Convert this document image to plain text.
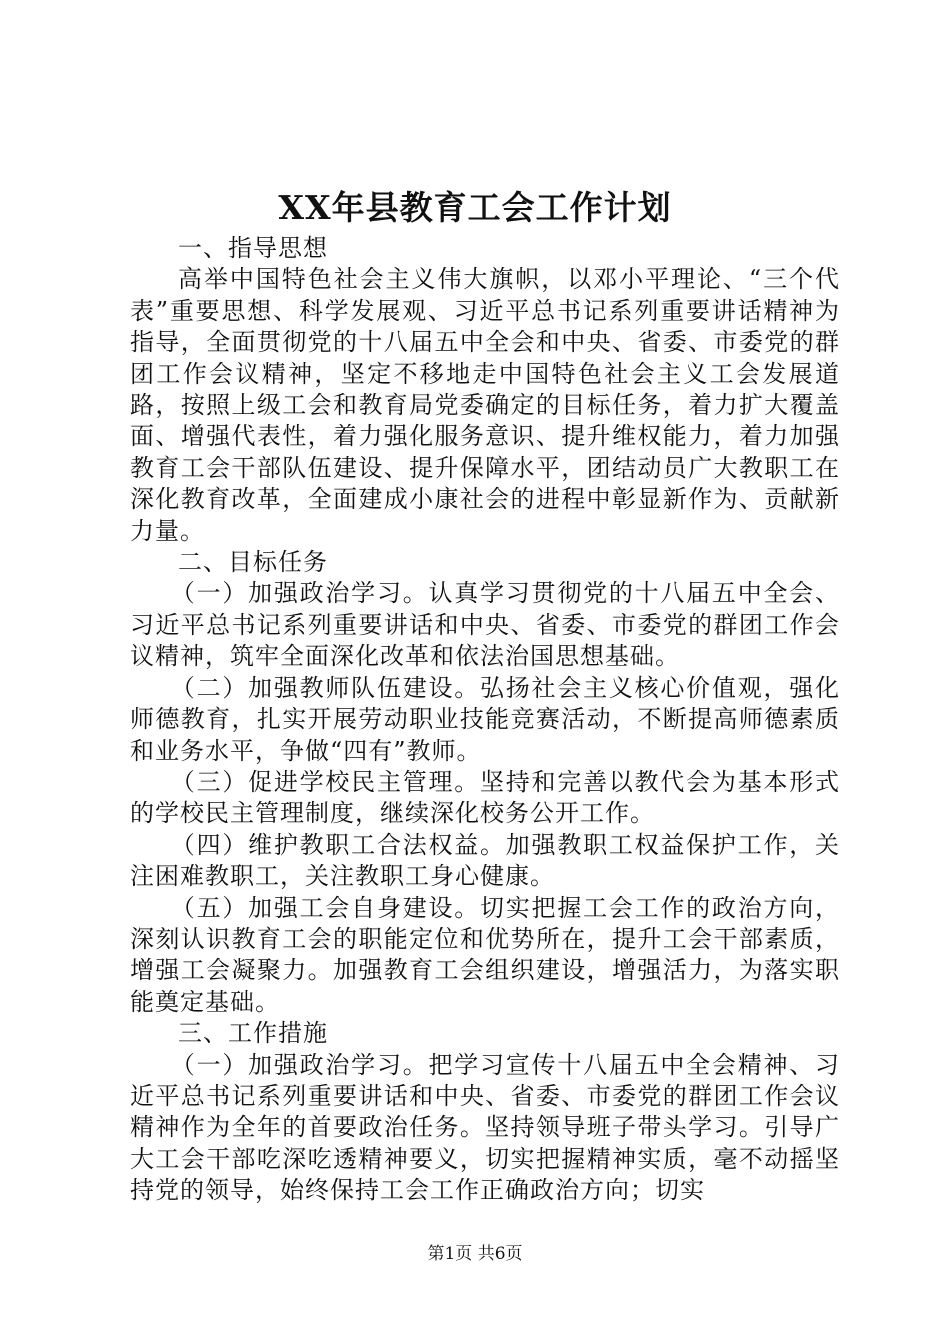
XX年县教育工会工作计划

一、指导思想

高举中国特色社会主义伟大旗帜，以邓小平理论、“三个代表”重要思想、科学发展观、习近平总书记系列重要讲话精神为指导，全面贯彻党的十八届五中全会和中央、省委、市委党的群团工作会议精神，坚定不移地走中国特色社会主义工会发展道路，按照上级工会和教育局党委确定的目标任务，着力扩大覆盖面、增强代表性，着力强化服务意识、提升维权能力，着力加强教育工会干部队伍建设、提升保障水平，团结动员广大教职工在深化教育改革，全面建成小康社会的进程中彰显新作为、贡献新力量。

二、目标任务

（一）加强政治学习。认真学习贯彻党的十八届五中全会、习近平总书记系列重要讲话和中央、省委、市委党的群团工作会议精神，筑牢全面深化改革和依法治国思想基础。

（二）加强教师队伍建设。弘扬社会主义核心价值观，强化师德教育，扎实开展劳动职业技能竞赛活动，不断提高师德素质和业务水平，争做“四有”教师。

（三）促进学校民主管理。坚持和完善以教代会为基本形式的学校民主管理制度，继续深化校务公开工作。

（四）维护教职工合法权益。加强教职工权益保护工作，关注困难教职工，关注教职工身心健康。

（五）加强工会自身建设。切实把握工会工作的政治方向，深刻认识教育工会的职能定位和优势所在，提升工会干部素质，增强工会凝聚力。加强教育工会组织建设，增强活力，为落实职能奠定基础。

三、工作措施

（一）加强政治学习。把学习宣传十八届五中全会精神、习近平总书记系列重要讲话和中央、省委、市委党的群团工作会议精神作为全年的首要政治任务。坚持领导班子带头学习。引导广大工会干部吃深吃透精神要义，切实把握精神实质，毫不动摇坚持党的领导，始终保持工会工作正确政治方向；切实

第1页 共6页
